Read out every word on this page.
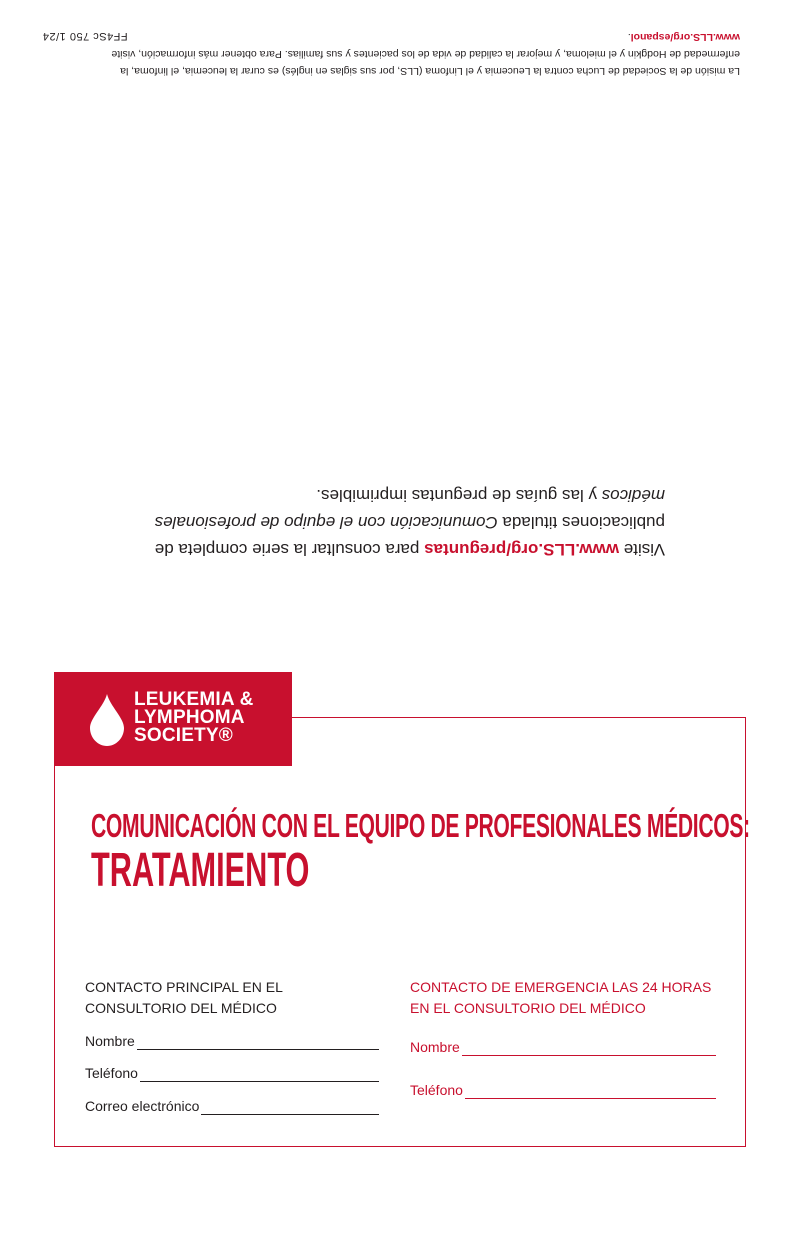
La misión de la Sociedad de Lucha contra la Leucemia y el Linfoma (LLS, por sus siglas en inglés) es curar la leucemia, el linfoma, la enfermedad de Hodgkin y el mieloma, y mejorar la calidad de vida de los pacientes y sus familias. Para obtener más información, visite www.LLS.org/espanol.
FF4Sc 750 1/24
Visite www.LLS.org/preguntas para consultar la serie completa de publicaciones titulada Comunicación con el equipo de profesionales médicos y las guías de preguntas imprimibles.
LEUKEMIA &
LYMPHOMA
SOCIETY®
COMUNICACIÓN CON EL EQUIPO DE PROFESIONALES MÉDICOS:
TRATAMIENTO
CONTACTO PRINCIPAL EN EL CONSULTORIO DEL MÉDICO
CONTACTO DE EMERGENCIA LAS 24 HORAS EN EL CONSULTORIO DEL MÉDICO
Nombre
Teléfono
Correo electrónico
Nombre
Teléfono
